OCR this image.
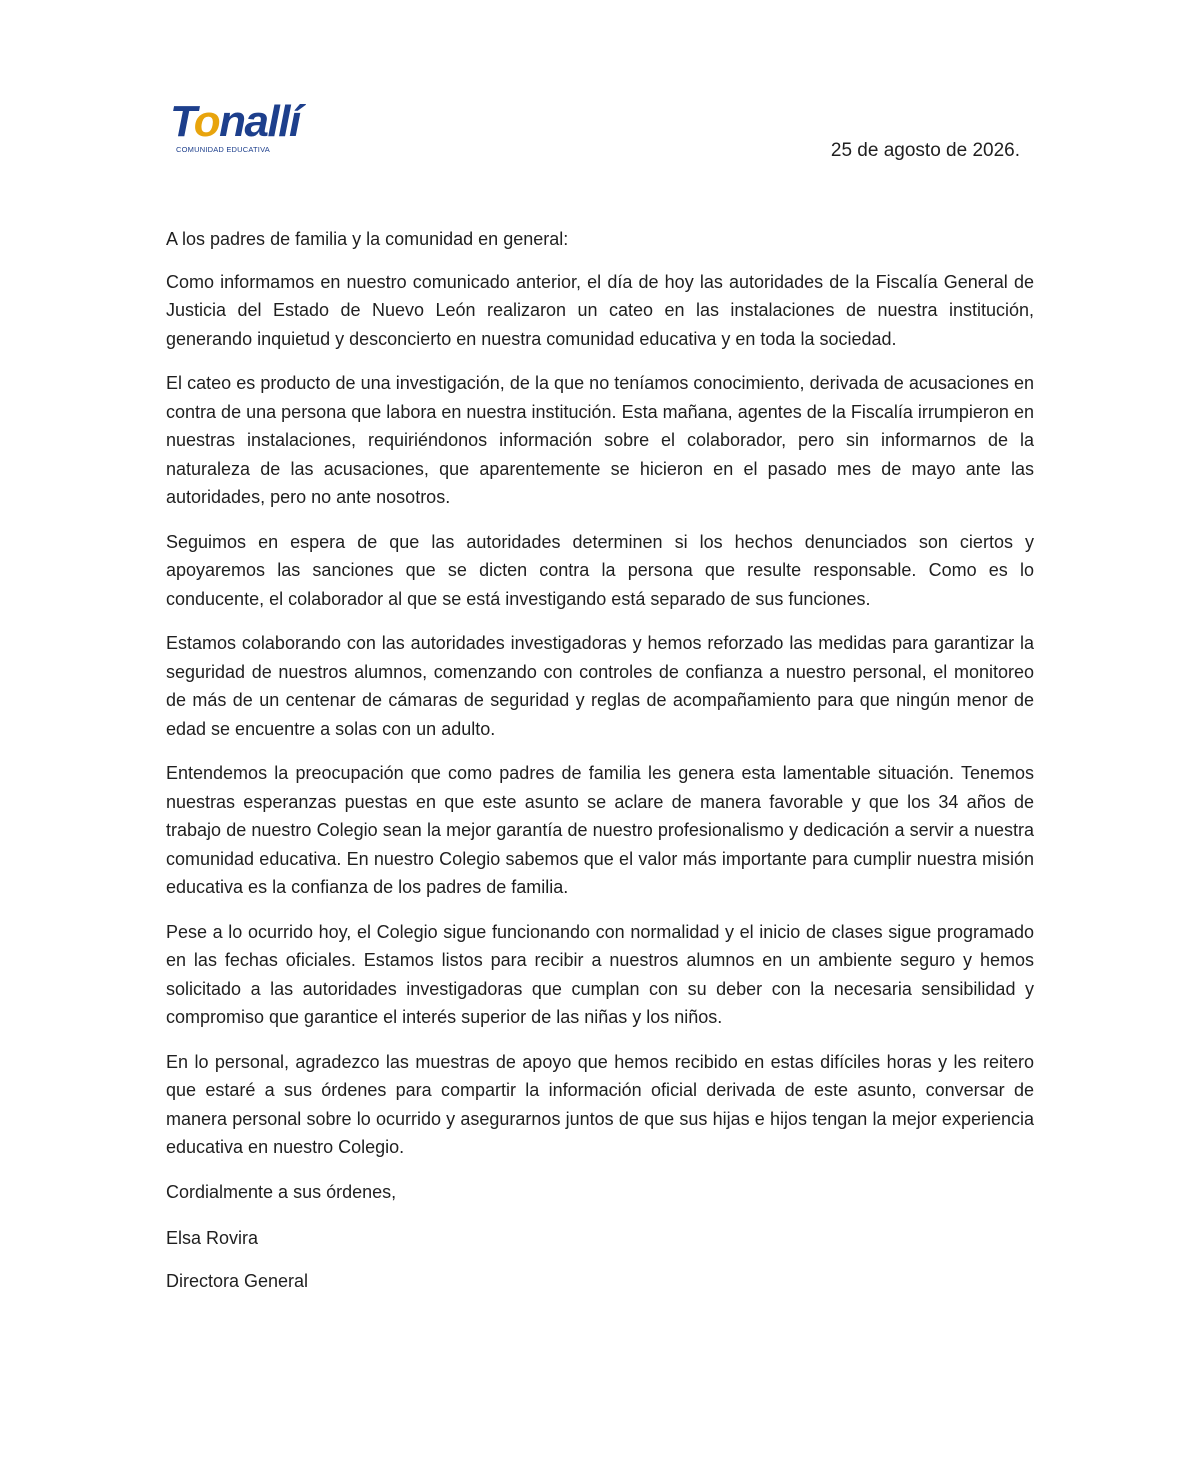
Tonallí
COMUNIDAD EDUCATIVA	25 de agosto de 2026.

A los padres de familia y la comunidad en general:

Como informamos en nuestro comunicado anterior, el día de hoy las autoridades de la Fiscalía General de Justicia del Estado de Nuevo León realizaron un cateo en las instalaciones de nuestra institución, generando inquietud y desconcierto en nuestra comunidad educativa y en toda la sociedad.

El cateo es producto de una investigación, de la que no teníamos conocimiento, derivada de acusaciones en contra de una persona que labora en nuestra institución. Esta mañana, agentes de la Fiscalía irrumpieron en nuestras instalaciones, requiriéndonos información sobre el colaborador, pero sin informarnos de la naturaleza de las acusaciones, que aparentemente se hicieron en el pasado mes de mayo ante las autoridades, pero no ante nosotros.

Seguimos en espera de que las autoridades determinen si los hechos denunciados son ciertos y apoyaremos las sanciones que se dicten contra la persona que resulte responsable. Como es lo conducente, el colaborador al que se está investigando está separado de sus funciones.

Estamos colaborando con las autoridades investigadoras y hemos reforzado las medidas para garantizar la seguridad de nuestros alumnos, comenzando con controles de confianza a nuestro personal, el monitoreo de más de un centenar de cámaras de seguridad y reglas de acompañamiento para que ningún menor de edad se encuentre a solas con un adulto.

Entendemos la preocupación que como padres de familia les genera esta lamentable situación. Tenemos nuestras esperanzas puestas en que este asunto se aclare de manera favorable y que los 34 años de trabajo de nuestro Colegio sean la mejor garantía de nuestro profesionalismo y dedicación a servir a nuestra comunidad educativa. En nuestro Colegio sabemos que el valor más importante para cumplir nuestra misión educativa es la confianza de los padres de familia.

Pese a lo ocurrido hoy, el Colegio sigue funcionando con normalidad y el inicio de clases sigue programado en las fechas oficiales. Estamos listos para recibir a nuestros alumnos en un ambiente seguro y hemos solicitado a las autoridades investigadoras que cumplan con su deber con la necesaria sensibilidad y compromiso que garantice el interés superior de las niñas y los niños.

En lo personal, agradezco las muestras de apoyo que hemos recibido en estas difíciles horas y les reitero que estaré a sus órdenes para compartir la información oficial derivada de este asunto, conversar de manera personal sobre lo ocurrido y asegurarnos juntos de que sus hijas e hijos tengan la mejor experiencia educativa en nuestro Colegio.

Cordialmente a sus órdenes,

Elsa Rovira

Directora General
